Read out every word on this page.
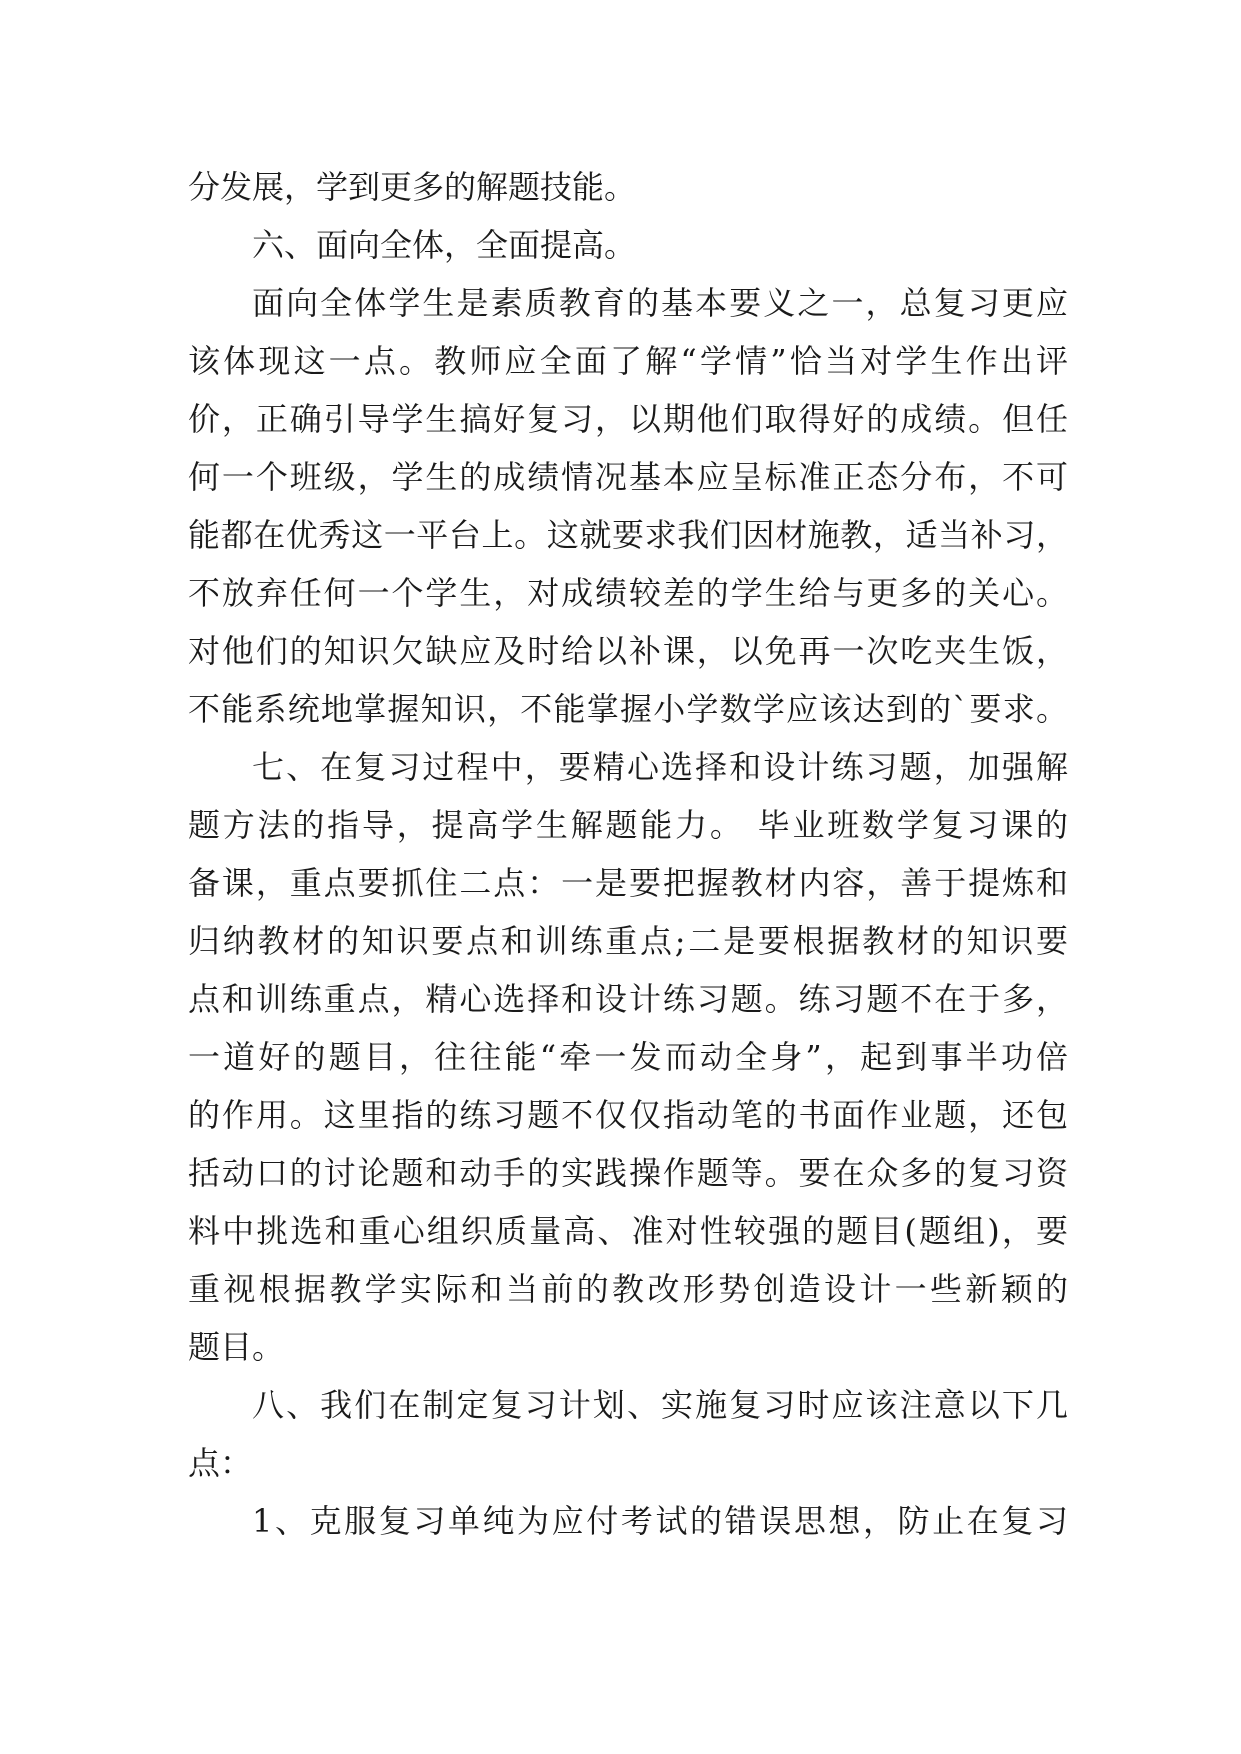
分发展，学到更多的解题技能。
六、面向全体，全面提高。
面向全体学生是素质教育的基本要义之一，总复习更应
该体现这一点。教师应全面了解“学情”恰当对学生作出评
价，正确引导学生搞好复习，以期他们取得好的成绩。但任
何一个班级，学生的成绩情况基本应呈标准正态分布，不可
能都在优秀这一平台上。这就要求我们因材施教，适当补习，
不放弃任何一个学生，对成绩较差的学生给与更多的关心。
对他们的知识欠缺应及时给以补课，以免再一次吃夹生饭，
不能系统地掌握知识，不能掌握小学数学应该达到的`要求。
七、在复习过程中，要精心选择和设计练习题，加强解
题方法的指导，提高学生解题能力。 毕业班数学复习课的
备课，重点要抓住二点：一是要把握教材内容，善于提炼和
归纳教材的知识要点和训练重点;二是要根据教材的知识要
点和训练重点，精心选择和设计练习题。练习题不在于多，
一道好的题目，往往能“牵一发而动全身”，起到事半功倍
的作用。这里指的练习题不仅仅指动笔的书面作业题，还包
括动口的讨论题和动手的实践操作题等。要在众多的复习资
料中挑选和重心组织质量高、准对性较强的题目(题组)，要
重视根据教学实际和当前的教改形势创造设计一些新颖的
题目。
八、我们在制定复习计划、实施复习时应该注意以下几
点：
1、克服复习单纯为应付考试的错误思想，防止在复习
